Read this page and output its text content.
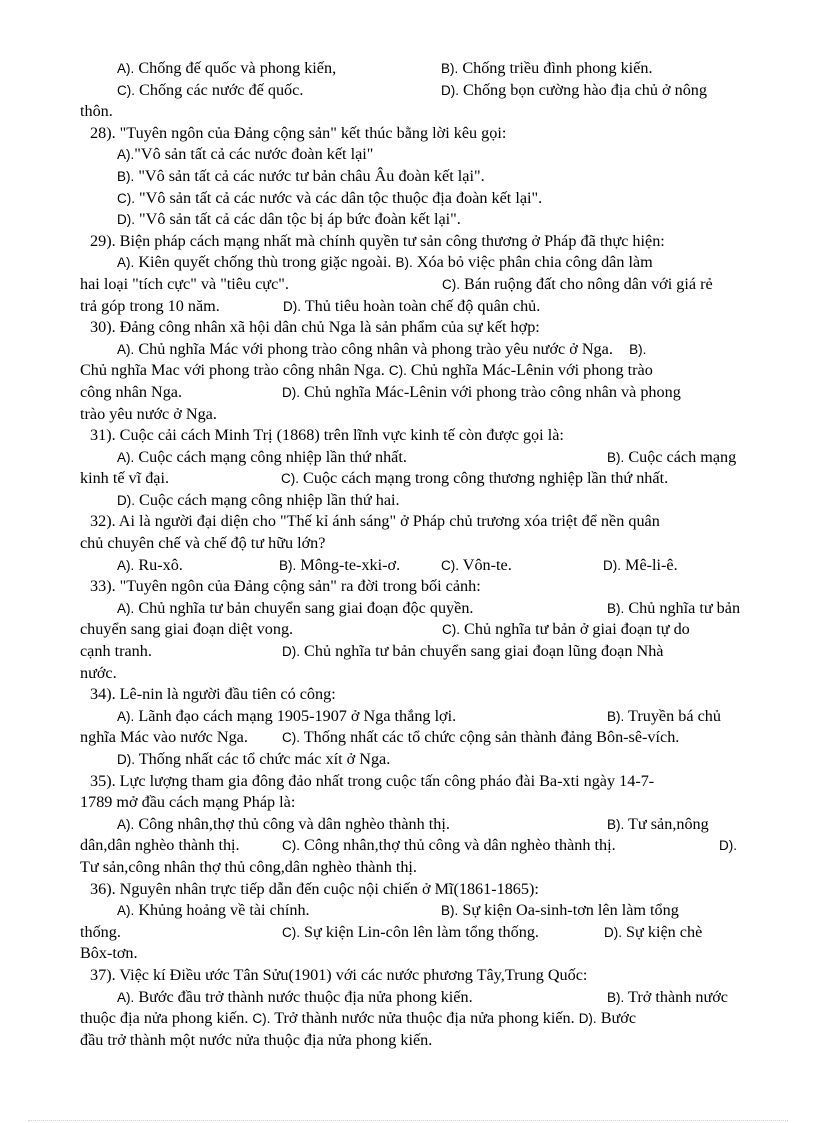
A). Chống đế quốc và phong kiến,	B). Chống triều đình phong kiến.
C). Chống các nước đế quốc.	D). Chống bọn cường hào địa chủ ở nông
thôn.
28). "Tuyên ngôn của Đảng cộng sản" kết thúc bằng lời kêu gọi:
A)."Vô sản tất cả các nước đoàn kết lại"
B). "Vô sản tất cả các nước tư bản châu Âu đoàn kết lại".
C). "Vô sản tất cả các nước và các dân tộc thuộc địa đoàn kết lại".
D). "Vô sản tất cả các dân tộc bị áp bức đoàn kết lại".
29). Biện pháp cách mạng nhất mà chính quyền tư sản công thương ở Pháp đã thực hiện:
A). Kiên quyết chống thù trong giặc ngoài. B). Xóa bỏ việc phân chia công dân làm
hai loại "tích cực" và "tiêu cực".	C). Bán ruộng đất cho nông dân với giá rẻ
trả góp trong 10 năm.	D). Thủ tiêu hoàn toàn chế độ quân chủ.
30). Đảng công nhân xã hội dân chủ Nga là sản phẩm của sự kết hợp:
A). Chủ nghĩa Mác với phong trào công nhân và phong trào yêu nước ở Nga. B).
Chủ nghĩa Mac với phong trào công nhân Nga. C). Chủ nghĩa Mác-Lênin với phong trào
công nhân Nga.	D). Chủ nghĩa Mác-Lênin với phong trào công nhân và phong
trào yêu nước ở Nga.
31). Cuộc cải cách Minh Trị (1868) trên lĩnh vực kinh tế còn được gọi là:
A). Cuộc cách mạng công nhiệp lần thứ nhất.	B). Cuộc cách mạng
kinh tế vĩ đại.	C). Cuộc cách mạng trong công thương nghiệp lần thứ nhất.
D). Cuộc cách mạng công nhiệp lần thứ hai.
32). Ai là người đại diện cho "Thế kỉ ánh sáng" ở Pháp chủ trương xóa triệt để nền quân
chủ chuyên chế và chế độ tư hữu lớn?
A). Ru-xô.	B). Mông-te-xki-ơ.	C). Vôn-te.	D). Mê-li-ê.
33). "Tuyên ngôn của Đảng cộng sản" ra đời trong bối cảnh:
A). Chủ nghĩa tư bản chuyển sang giai đoạn độc quyền.	B). Chủ nghĩa tư bản
chuyển sang giai đoạn diệt vong.	C). Chủ nghĩa tư bản ở giai đoạn tự do
cạnh tranh.	D). Chủ nghĩa tư bản chuyển sang giai đoạn lũng đoạn Nhà
nước.
34). Lê-nin là người đầu tiên có công:
A). Lãnh đạo cách mạng 1905-1907 ở Nga thắng lợi.	B). Truyền bá chủ
nghĩa Mác vào nước Nga.	C). Thống nhất các tổ chức cộng sản thành đảng Bôn-sê-vích.
D). Thống nhất các tổ chức mác xít ở Nga.
35). Lực lượng tham gia đông đảo nhất trong cuộc tấn công pháo đài Ba-xti ngày 14-7-
1789 mở đầu cách mạng Pháp là:
A). Công nhân,thợ thủ công và dân nghèo thành thị.	B). Tư sản,nông
dân,dân nghèo thành thị.	C). Công nhân,thợ thủ công và dân nghèo thành thị.	D).
Tư sản,công nhân thợ thủ công,dân nghèo thành thị.
36). Nguyên nhân trực tiếp dẫn đến cuộc nội chiến ở Mĩ(1861-1865):
A). Khủng hoảng về tài chính.	B). Sự kiện Oa-sinh-tơn lên làm tổng
thống.	C). Sự kiện Lin-côn lên làm tổng thống.	D). Sự kiện chè
Bôx-tơn.
37). Việc kí Điều ước Tân Sửu(1901) với các nước phương Tây,Trung Quốc:
A). Bước đầu trở thành nước thuộc địa nửa phong kiến.	B). Trở thành nước
thuộc địa nửa phong kiến. C). Trở thành nước nửa thuộc địa nửa phong kiến. D). Bước
đầu trở thành một nước nửa thuộc địa nửa phong kiến.
